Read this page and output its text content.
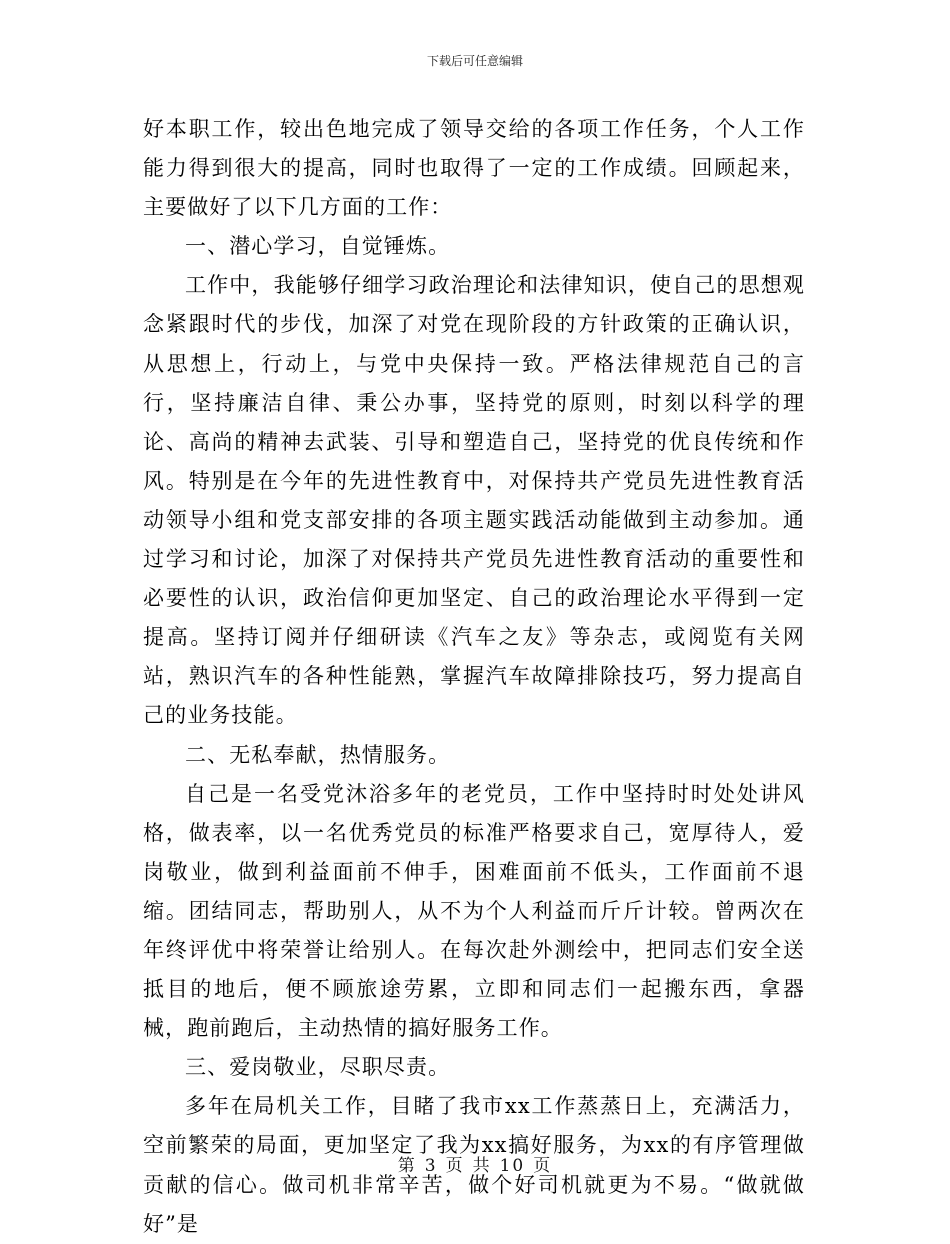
下载后可任意编辑

好本职工作，较出色地完成了领导交给的各项工作任务，个人工作能力得到很大的提高，同时也取得了一定的工作成绩。回顾起来，主要做好了以下几方面的工作：

一、潜心学习，自觉锤炼。

工作中，我能够仔细学习政治理论和法律知识，使自己的思想观念紧跟时代的步伐，加深了对党在现阶段的方针政策的正确认识，从思想上，行动上，与党中央保持一致。严格法律规范自己的言行，坚持廉洁自律、秉公办事，坚持党的原则，时刻以科学的理论、高尚的精神去武装、引导和塑造自己，坚持党的优良传统和作风。特别是在今年的先进性教育中，对保持共产党员先进性教育活动领导小组和党支部安排的各项主题实践活动能做到主动参加。通过学习和讨论，加深了对保持共产党员先进性教育活动的重要性和必要性的认识，政治信仰更加坚定、自己的政治理论水平得到一定提高。坚持订阅并仔细研读《汽车之友》等杂志，或阅览有关网站，熟识汽车的各种性能熟，掌握汽车故障排除技巧，努力提高自己的业务技能。

二、无私奉献，热情服务。

自己是一名受党沐浴多年的老党员，工作中坚持时时处处讲风格，做表率，以一名优秀党员的标准严格要求自己，宽厚待人，爱岗敬业，做到利益面前不伸手，困难面前不低头，工作面前不退缩。团结同志，帮助别人，从不为个人利益而斤斤计较。曾两次在年终评优中将荣誉让给别人。在每次赴外测绘中，把同志们安全送抵目的地后，便不顾旅途劳累，立即和同志们一起搬东西，拿器械，跑前跑后，主动热情的搞好服务工作。

三、爱岗敬业，尽职尽责。

多年在局机关工作，目睹了我市xx工作蒸蒸日上，充满活力，空前繁荣的局面，更加坚定了我为xx搞好服务，为xx的有序管理做贡献的信心。做司机非常辛苦，做个好司机就更为不易。“做就做好”是

第 3 页 共 10 页
